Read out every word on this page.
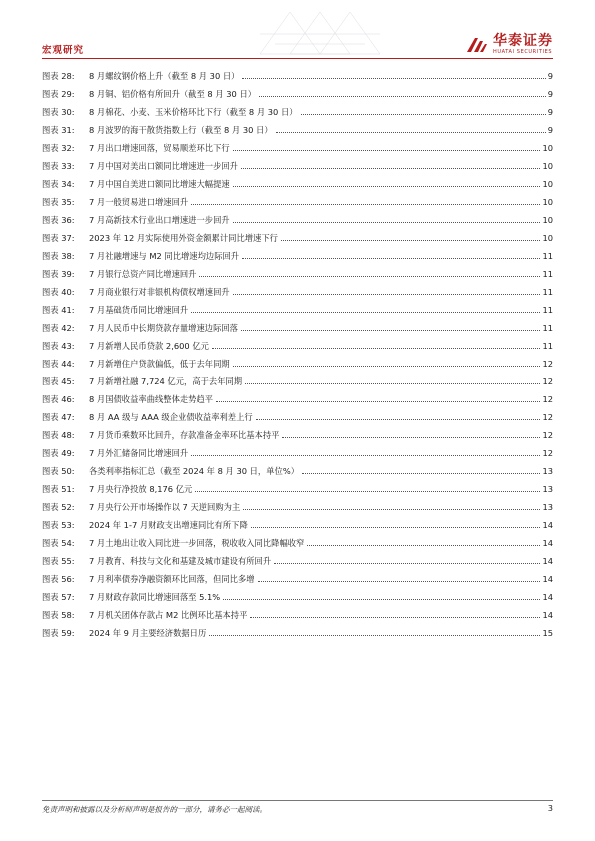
宏观研究
华泰证券
HUATAI SECURITIES
图表 28:	8 月螺纹钢价格上升（截至 8 月 30 日）	9
图表 29:	8 月铜、铝价格有所回升（截至 8 月 30 日）	9
图表 30:	8 月棉花、小麦、玉米价格环比下行（截至 8 月 30 日）	9
图表 31:	8 月波罗的海干散货指数上行（截至 8 月 30 日）	9
图表 32:	7 月出口增速回落，贸易顺差环比下行	10
图表 33:	7 月中国对美出口额同比增速进一步回升	10
图表 34:	7 月中国自美进口额同比增速大幅提速	10
图表 35:	7 月一般贸易进口增速回升	10
图表 36:	7 月高新技术行业出口增速进一步回升	10
图表 37:	2023 年 12 月实际使用外资金额累计同比增速下行	10
图表 38:	7 月社融增速与 M2 同比增速均边际回升	11
图表 39:	7 月银行总资产同比增速回升	11
图表 40:	7 月商业银行对非银机构债权增速回升	11
图表 41:	7 月基础货币同比增速回升	11
图表 42:	7 月人民币中长期贷款存量增速边际回落	11
图表 43:	7 月新增人民币贷款 2,600 亿元	11
图表 44:	7 月新增住户贷款偏低，低于去年同期	12
图表 45:	7 月新增社融 7,724 亿元，高于去年同期	12
图表 46:	8 月国债收益率曲线整体走势趋平	12
图表 47:	8 月 AA 级与 AAA 级企业债收益率利差上行	12
图表 48:	7 月货币乘数环比回升，存款准备金率环比基本持平	12
图表 49:	7 月外汇储备同比增速回升	12
图表 50:	各类利率指标汇总（截至 2024 年 8 月 30 日，单位%）	13
图表 51:	7 月央行净投放 8,176 亿元	13
图表 52:	7 月央行公开市场操作以 7 天逆回购为主	13
图表 53:	2024 年 1-7 月财政支出增速同比有所下降	14
图表 54:	7 月土地出让收入同比进一步回落，税收收入同比降幅收窄	14
图表 55:	7 月教育、科技与文化和基建及城市建设有所回升	14
图表 56:	7 月利率债券净融资额环比回落，但同比多增	14
图表 57:	7 月财政存款同比增速回落至 5.1%	14
图表 58:	7 月机关团体存款占 M2 比例环比基本持平	14
图表 59:	2024 年 9 月主要经济数据日历	15
免责声明和披露以及分析师声明是报告的一部分，请务必一起阅读。	3
